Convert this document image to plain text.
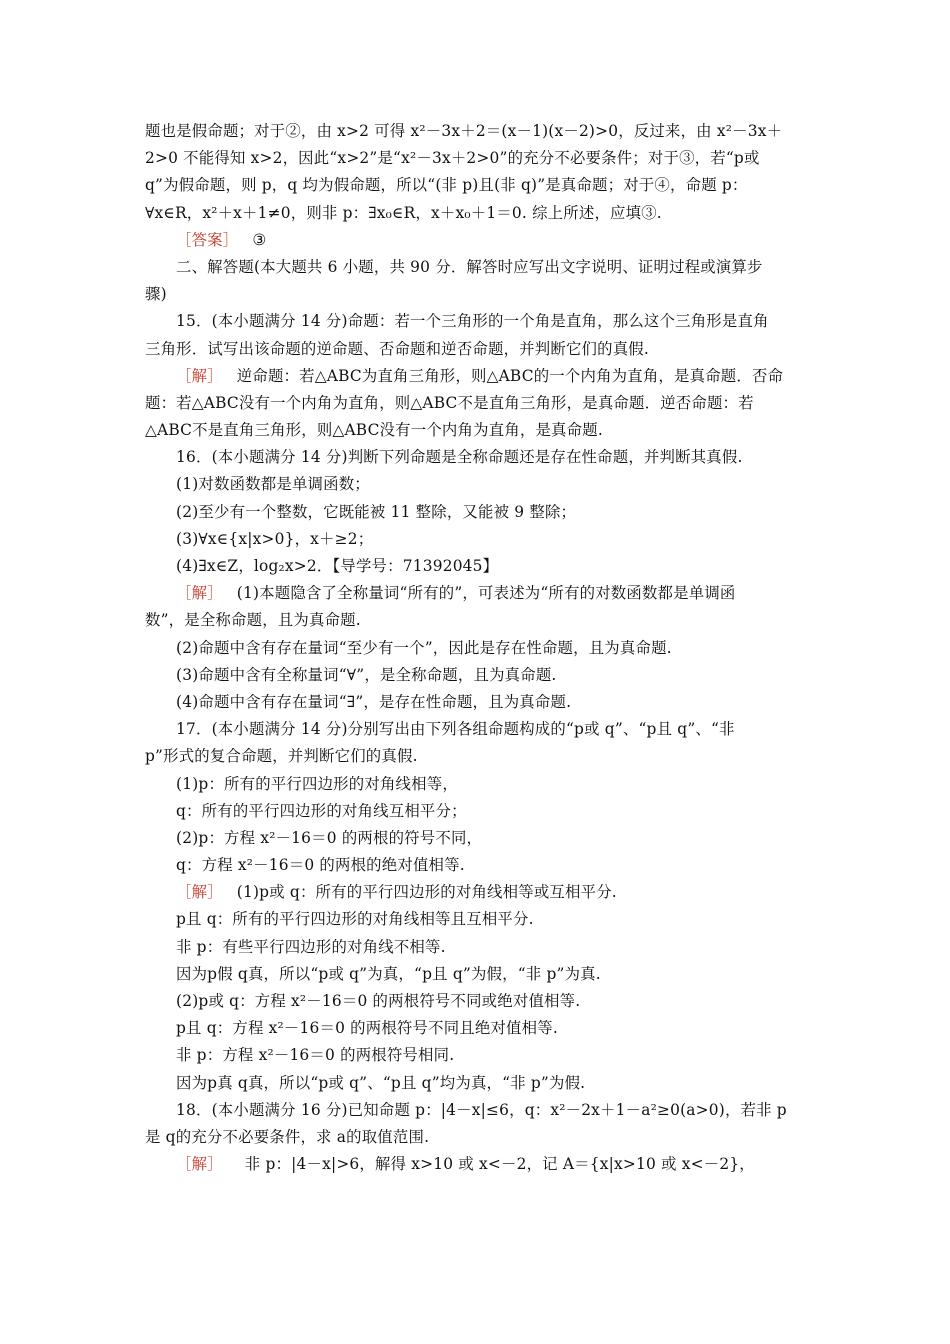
题也是假命题；对于②，由 x>2 可得 x²－3x＋2＝(x－1)(x－2)>0，反过来，由 x²－3x＋
2>0 不能得知 x>2，因此“x>2”是“x²－3x＋2>0”的充分不必要条件；对于③，若“p或
q”为假命题，则 p，q 均为假命题，所以“(非 p)且(非 q)”是真命题；对于④，命题 p：
∀x∈R，x²＋x＋1≠0，则非 p：∃x₀∈R，x＋x₀＋1＝0. 综上所述，应填③.
［答案］ ③
二、解答题(本大题共 6 小题，共 90 分．解答时应写出文字说明、证明过程或演算步
骤)
15．(本小题满分 14 分)命题：若一个三角形的一个角是直角，那么这个三角形是直角
三角形．试写出该命题的逆命题、否命题和逆否命题，并判断它们的真假.
［解］ 逆命题：若△ABC为直角三角形，则△ABC的一个内角为直角，是真命题．否命
题：若△ABC没有一个内角为直角，则△ABC不是直角三角形，是真命题．逆否命题：若
△ABC不是直角三角形，则△ABC没有一个内角为直角，是真命题.
16．(本小题满分 14 分)判断下列命题是全称命题还是存在性命题，并判断其真假.
(1)对数函数都是单调函数；
(2)至少有一个整数，它既能被 11 整除，又能被 9 整除；
(3)∀x∈{x|x>0}，x＋≥2；
(4)∃x∈Z，log₂x>2．【导学号：71392045】
［解］ (1)本题隐含了全称量词“所有的”，可表述为“所有的对数函数都是单调函
数”，是全称命题，且为真命题.
(2)命题中含有存在量词“至少有一个”，因此是存在性命题，且为真命题.
(3)命题中含有全称量词“∀”，是全称命题，且为真命题.
(4)命题中含有存在量词“∃”，是存在性命题，且为真命题.
17．(本小题满分 14 分)分别写出由下列各组命题构成的“p或 q”、“p且 q”、“非
p”形式的复合命题，并判断它们的真假.
(1)p：所有的平行四边形的对角线相等，
q：所有的平行四边形的对角线互相平分；
(2)p：方程 x²－16＝0 的两根的符号不同，
q：方程 x²－16＝0 的两根的绝对值相等.
［解］ (1)p或 q：所有的平行四边形的对角线相等或互相平分.
p且 q：所有的平行四边形的对角线相等且互相平分.
非 p：有些平行四边形的对角线不相等.
因为p假 q真，所以“p或 q”为真，“p且 q”为假，“非 p”为真.
(2)p或 q：方程 x²－16＝0 的两根符号不同或绝对值相等.
p且 q：方程 x²－16＝0 的两根符号不同且绝对值相等.
非 p：方程 x²－16＝0 的两根符号相同.
因为p真 q真，所以“p或 q”、“p且 q”均为真，“非 p”为假.
18．(本小题满分 16 分)已知命题 p：|4－x|≤6，q：x²－2x＋1－a²≥0(a>0)，若非 p
是 q的充分不必要条件，求 a的取值范围.
［解］ 非 p：|4－x|>6，解得 x>10 或 x<－2，记 A＝{x|x>10 或 x<－2}，
